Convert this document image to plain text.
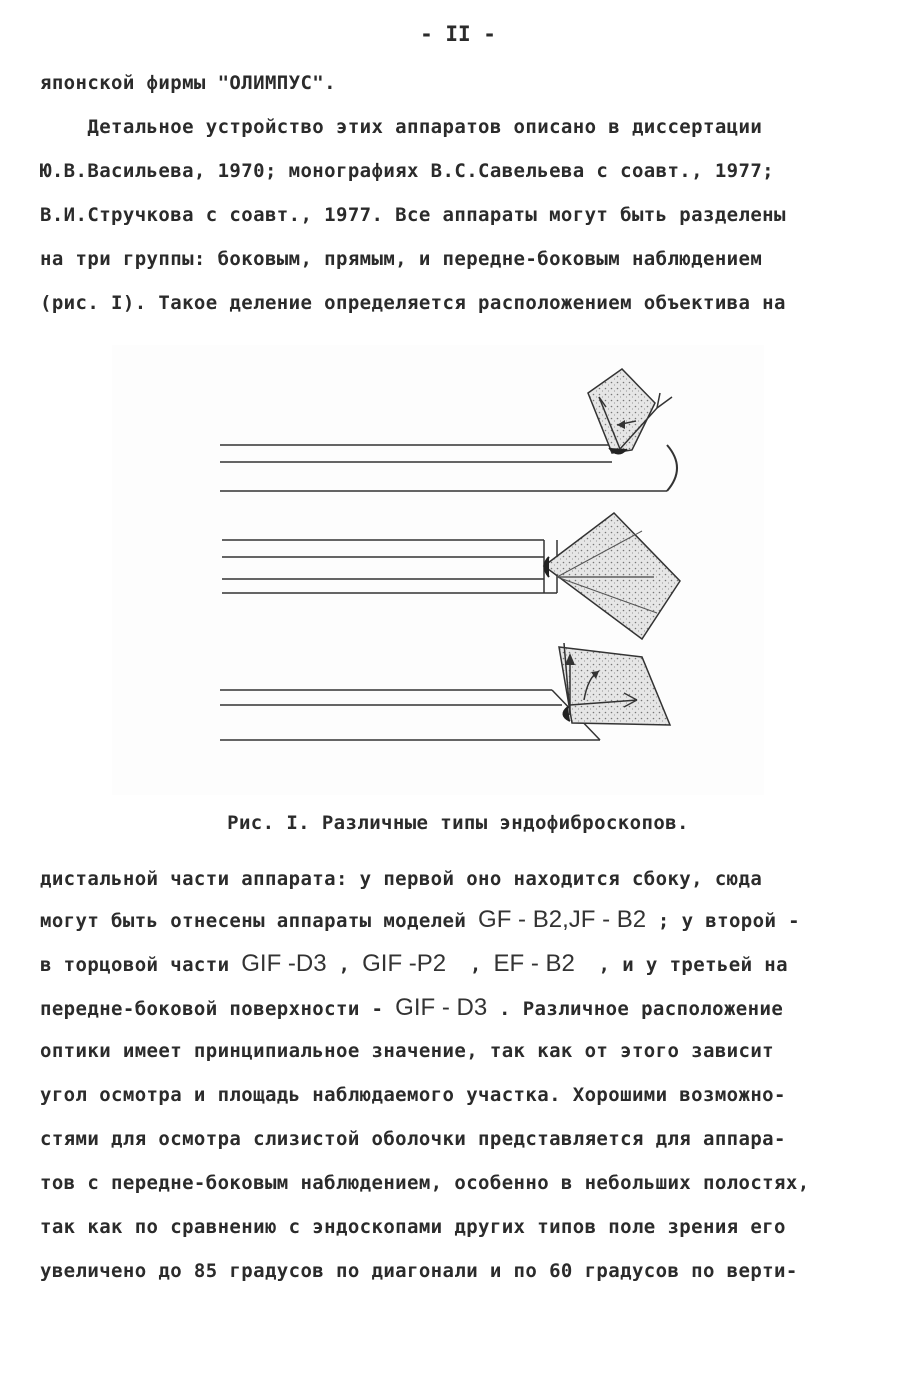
- II -
японской фирмы "ОЛИМПУС".
Детальное устройство этих аппаратов описано в диссертации
Ю.В.Васильева, 1970; монографиях В.С.Савельева с соавт., 1977;
В.И.Стручкова с соавт., 1977. Все аппараты могут быть разделены
на три группы: боковым, прямым, и передне-боковым наблюдением
(рис. I). Такое деление определяется расположением объектива на
Рис. I. Различные типы эндофиброскопов.
дистальной части аппарата: у первой оно находится сбоку, сюда
могут быть отнесены аппараты моделей GF - B2,JF - B2 ; у второй -
в торцовой части GIF -D3 , GIF -P2  , EF - B2  , и у третьей на
передне-боковой поверхности - GIF - D3 . Различное расположение
оптики имеет принципиальное значение, так как от этого зависит
угол осмотра и площадь наблюдаемого участка. Хорошими возможно-
стями для осмотра слизистой оболочки представляется для аппара-
тов с передне-боковым наблюдением, особенно в небольших полостях,
так как по сравнению с эндоскопами других типов поле зрения его
увеличено до 85 градусов по диагонали и по 60 градусов по верти-
